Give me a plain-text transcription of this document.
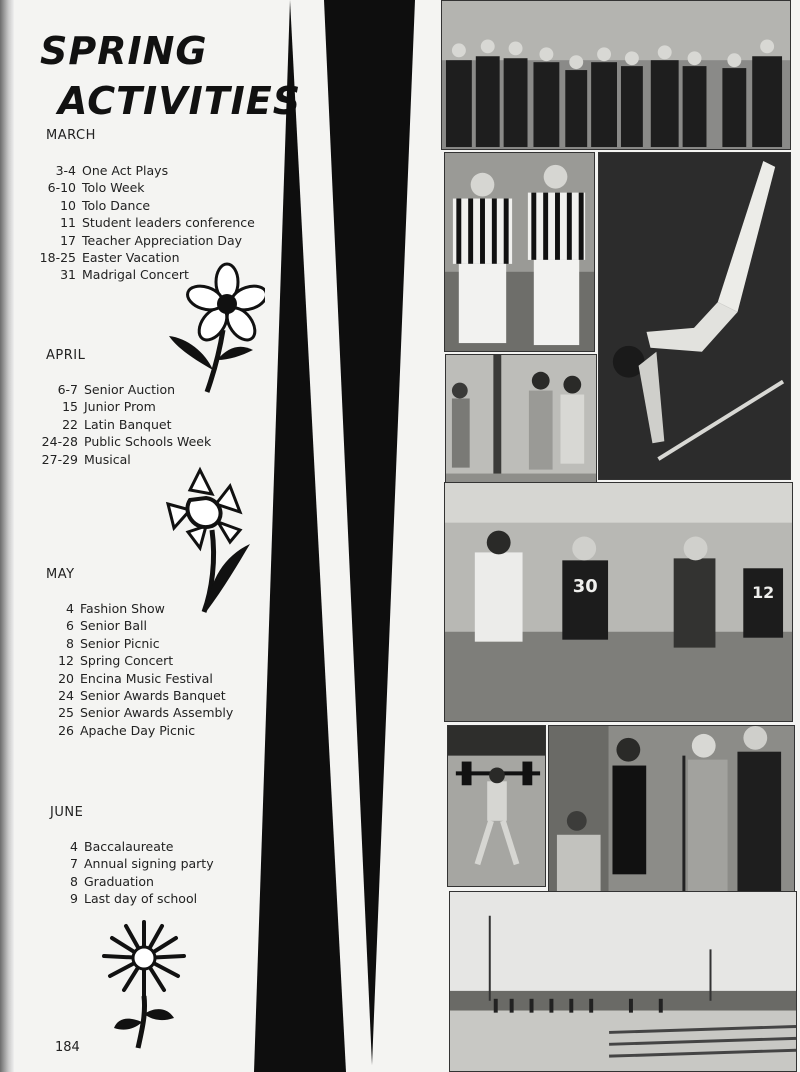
SPRING
ACTIVITIES
MARCH
3-4 One Act Plays
6-10 Tolo Week
10 Tolo Dance
11 Student leaders conference
17 Teacher Appreciation Day
18-25 Easter Vacation
31 Madrigal Concert
APRIL
6-7 Senior Auction
15 Junior Prom
22 Latin Banquet
24-28 Public Schools Week
27-29 Musical
MAY
4 Fashion Show
6 Senior Ball
8 Senior Picnic
12 Spring Concert
20 Encina Music Festival
24 Senior Awards Banquet
25 Senior Awards Assembly
26 Apache Day Picnic
JUNE
4 Baccalaureate
7 Annual signing party
8 Graduation
9 Last day of school
184
30	12
